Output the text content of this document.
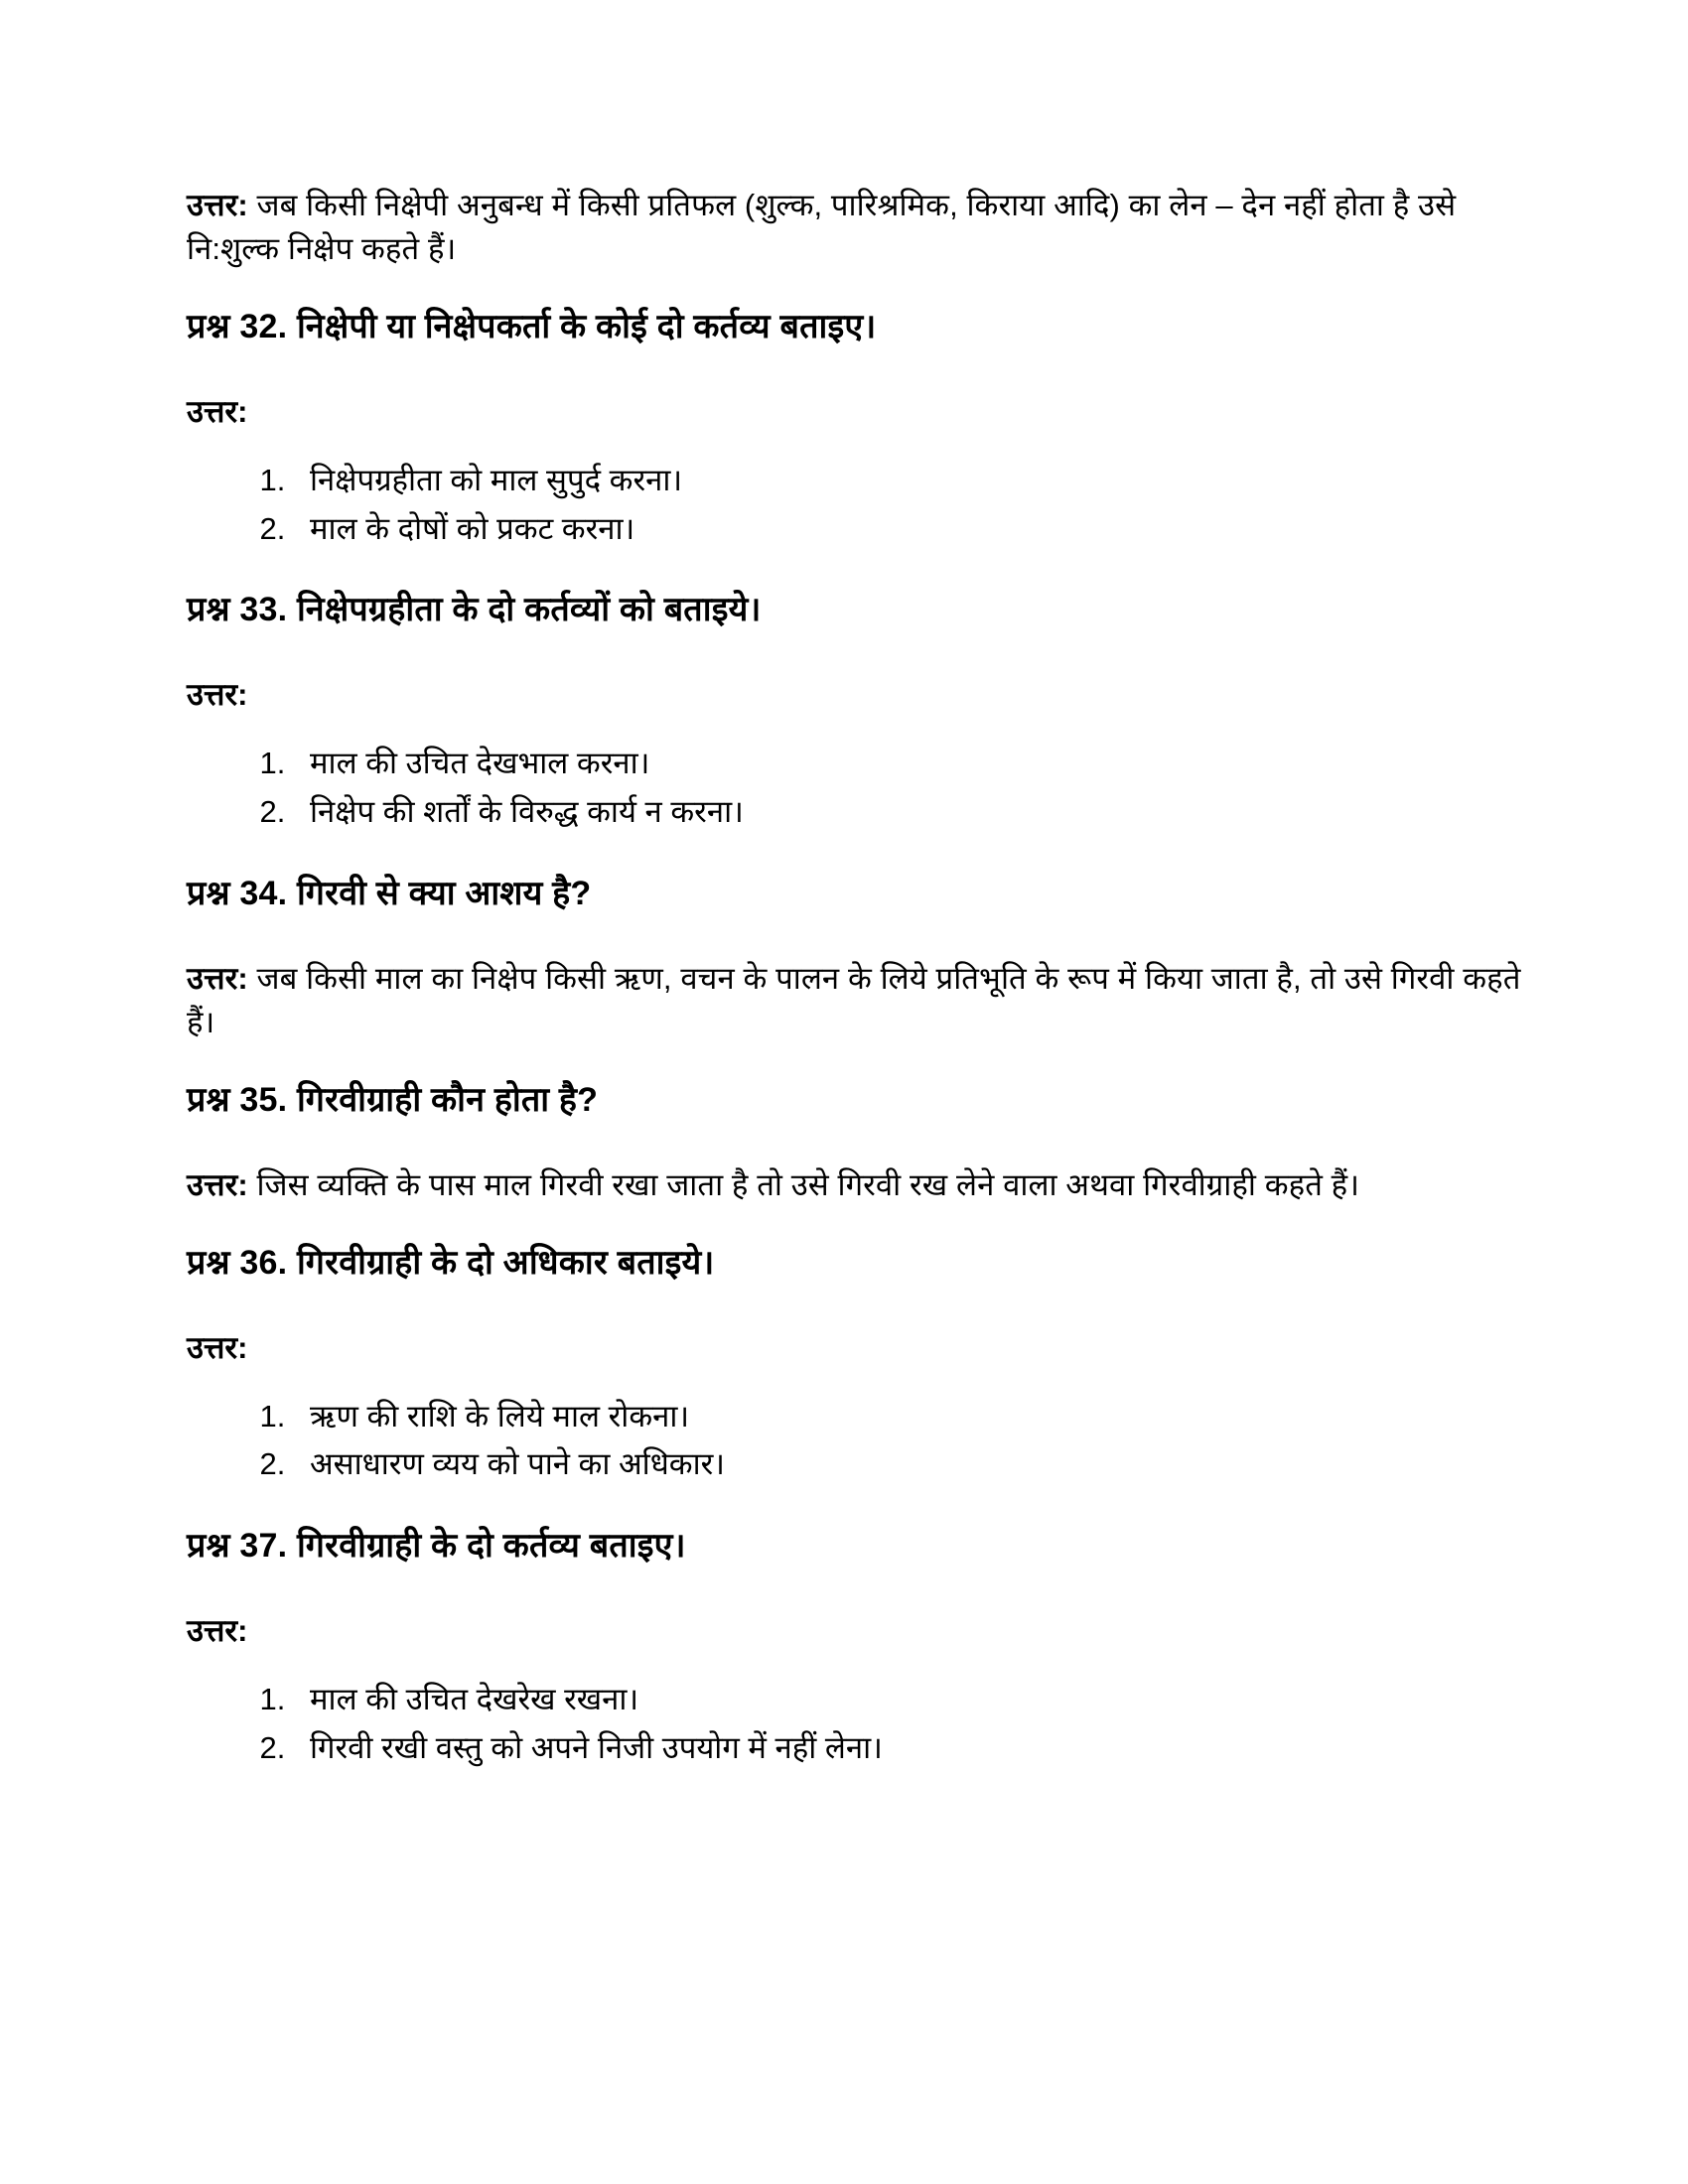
उत्तर: जब किसी निक्षेपी अनुबन्ध में किसी प्रतिफल (शुल्क, पारिश्रमिक, किराया आदि) का लेन – देन नहीं होता है उसे नि:शुल्क निक्षेप कहते हैं।

प्रश्न 32. निक्षेपी या निक्षेपकर्ता के कोई दो कर्तव्य बताइए।

उत्तर:

1. निक्षेपग्रहीता को माल सुपुर्द करना।
2. माल के दोषों को प्रकट करना।
प्रश्न 33. निक्षेपग्रहीता के दो कर्तव्यों को बताइये।

उत्तर:

1. माल की उचित देखभाल करना।
2. निक्षेप की शर्तों के विरुद्ध कार्य न करना।
प्रश्न 34. गिरवी से क्या आशय है?

उत्तर: जब किसी माल का निक्षेप किसी ऋण, वचन के पालन के लिये प्रतिभूति के रूप में किया जाता है, तो उसे गिरवी कहते हैं।

प्रश्न 35. गिरवीग्राही कौन होता है?

उत्तर: जिस व्यक्ति के पास माल गिरवी रखा जाता है तो उसे गिरवी रख लेने वाला अथवा गिरवीग्राही कहते हैं।

प्रश्न 36. गिरवीग्राही के दो अधिकार बताइये।

उत्तर:

1. ऋण की राशि के लिये माल रोकना।
2. असाधारण व्यय को पाने का अधिकार।
प्रश्न 37. गिरवीग्राही के दो कर्तव्य बताइए।

उत्तर:

1. माल की उचित देखरेख रखना।
2. गिरवी रखी वस्तु को अपने निजी उपयोग में नहीं लेना।
